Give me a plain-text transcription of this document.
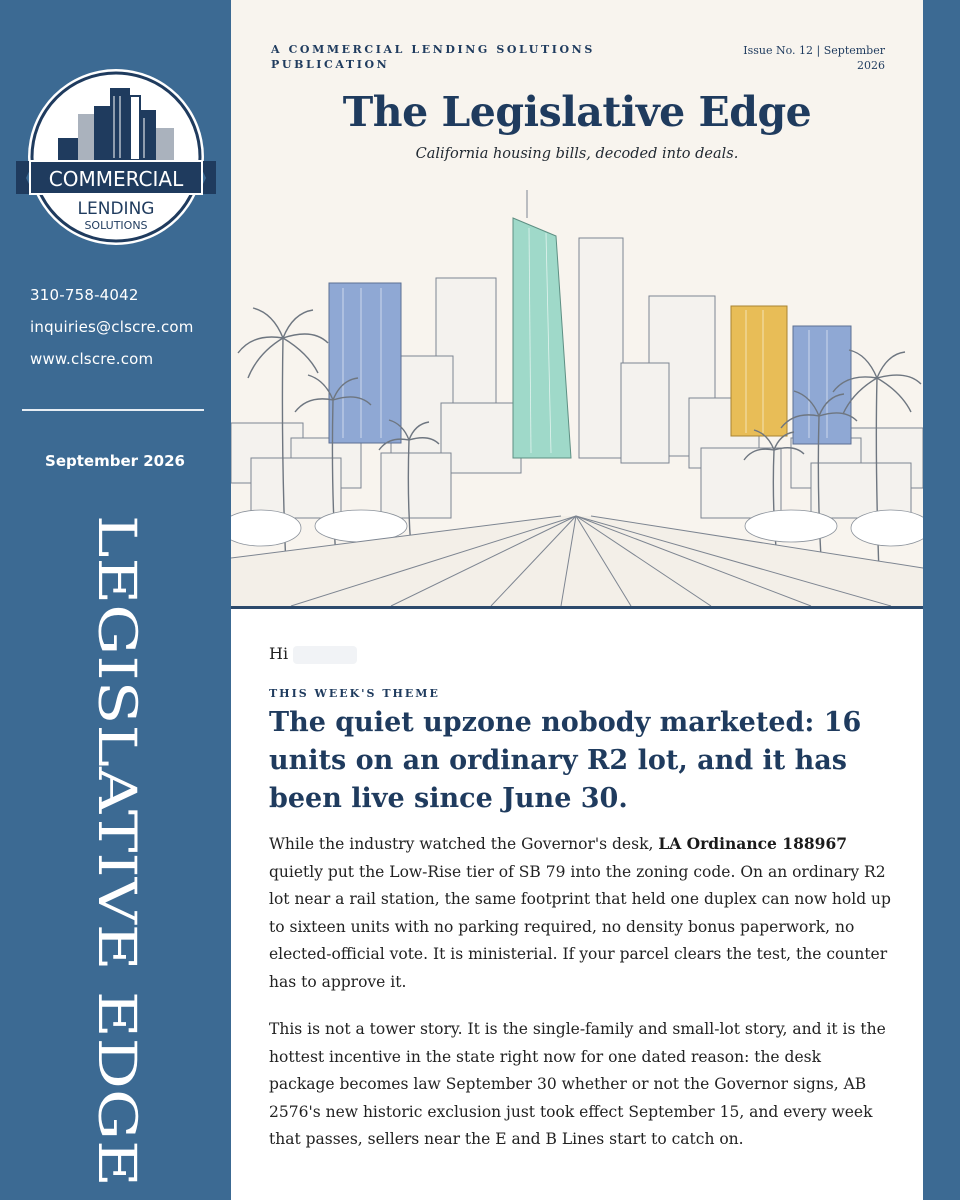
COMMERCIAL
LENDING
SOLUTIONS
310-758-4042
inquiries@clscre.com
www.clscre.com
September 2026
LEGISLATIVE EDGE
A COMMERCIAL LENDING SOLUTIONS PUBLICATION
Issue No. 12 | September 2026
The Legislative Edge
California housing bills, decoded into deals.
Hi
THIS WEEK'S THEME
The quiet upzone nobody marketed: 16 units on an ordinary R2 lot, and it has been live since June 30.

While the industry watched the Governor's desk, LA Ordinance 188967 quietly put the Low-Rise tier of SB 79 into the zoning code. On an ordinary R2 lot near a rail station, the same footprint that held one duplex can now hold up to sixteen units with no parking required, no density bonus paperwork, no elected-official vote. It is ministerial. If your parcel clears the test, the counter has to approve it.

This is not a tower story. It is the single-family and small-lot story, and it is the hottest incentive in the state right now for one dated reason: the desk package becomes law September 30 whether or not the Governor signs, AB 2576's new historic exclusion just took effect September 15, and every week that passes, sellers near the E and B Lines start to catch on.
